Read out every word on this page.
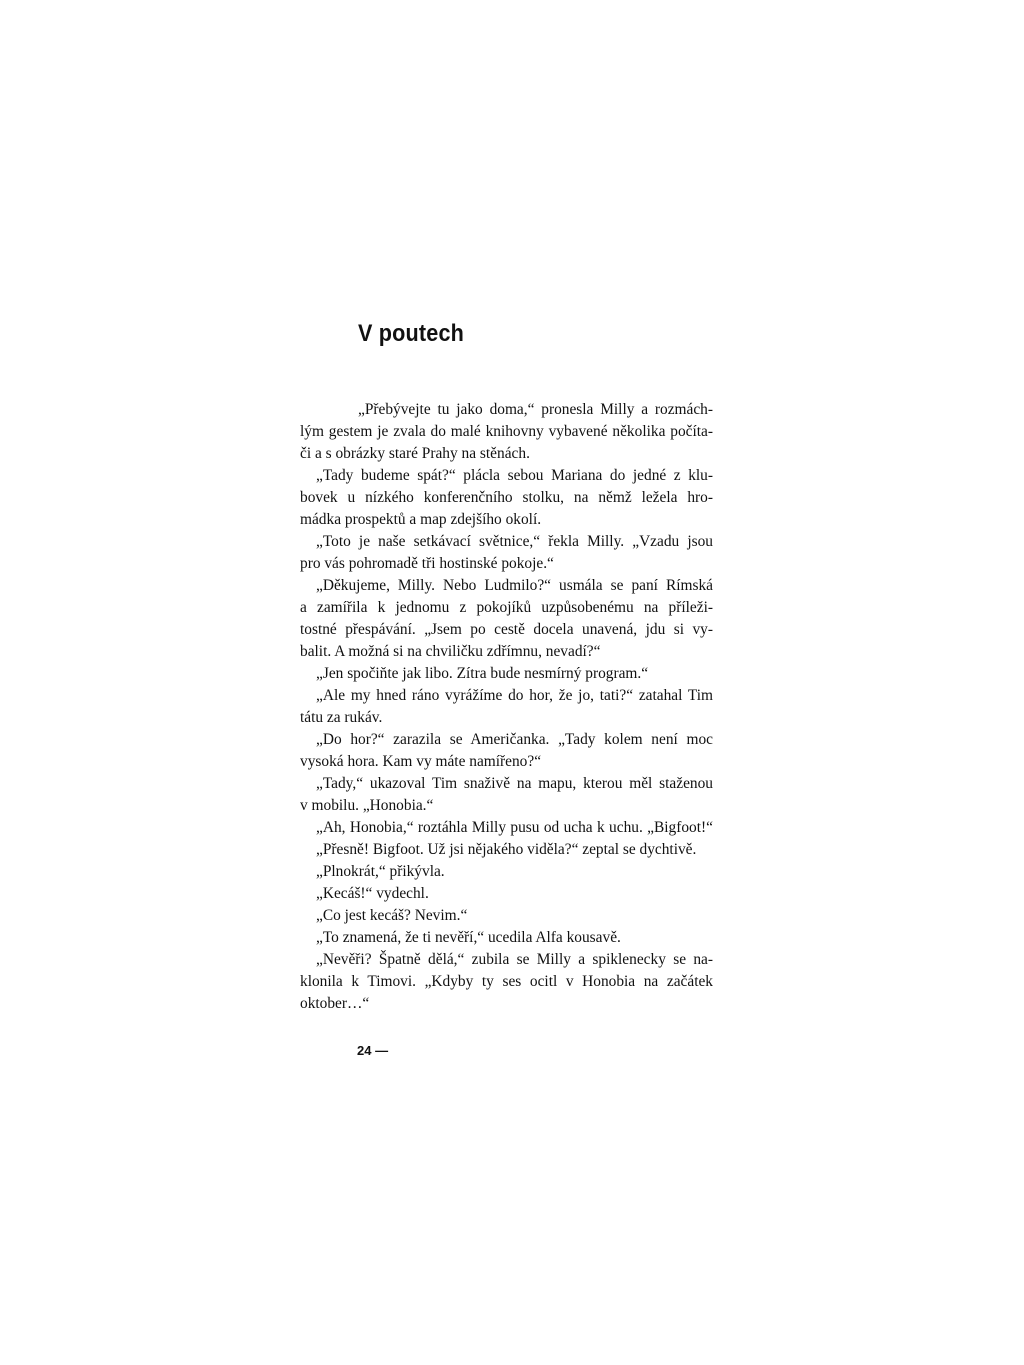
V poutech
„Přebývejte tu jako doma,“ pronesla Milly a rozmách-
lým gestem je zvala do malé knihovny vybavené několika počíta-
či a s obrázky staré Prahy na stěnách.
„Tady budeme spát?“ plácla sebou Mariana do jedné z klu-
bovek u nízkého konferenčního stolku, na němž ležela hro-
mádka prospektů a map zdejšího okolí.
„Toto je naše setkávací světnice,“ řekla Milly. „Vzadu jsou
pro vás pohromadě tři hostinské pokoje.“
„Děkujeme, Milly. Nebo Ludmilo?“ usmála se paní Rímská
a zamířila k jednomu z pokojíků uzpůsobenému na příleži-
tostné přespávání. „Jsem po cestě docela unavená, jdu si vy-
balit. A možná si na chviličku zdřímnu, nevadí?“
„Jen spočiňte jak libo. Zítra bude nesmírný program.“
„Ale my hned ráno vyrážíme do hor, že jo, tati?“ zatahal Tim
tátu za rukáv.
„Do hor?“ zarazila se Američanka. „Tady kolem není moc
vysoká hora. Kam vy máte namířeno?“
„Tady,“ ukazoval Tim snaživě na mapu, kterou měl staženou
v mobilu. „Honobia.“
„Ah, Honobia,“ roztáhla Milly pusu od ucha k uchu. „Bigfoot!“
„Přesně! Bigfoot. Už jsi nějakého viděla?“ zeptal se dychtivě.
„Plnokrát,“ přikývla.
„Kecáš!“ vydechl.
„Co jest kecáš? Nevim.“
„To znamená, že ti nevěří,“ ucedila Alfa kousavě.
„Nevěři? Špatně dělá,“ zubila se Milly a spiklenecky se na-
klonila k Timovi. „Kdyby ty ses ocitl v Honobia na začátek
oktober…“
24 —
